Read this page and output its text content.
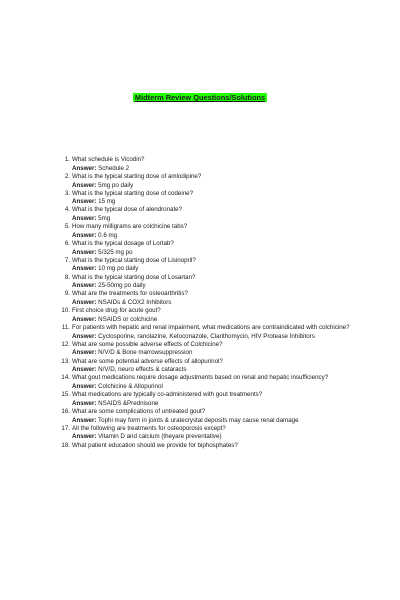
Midterm Review Questions/Solutions
1. What schedule is Vicodin?
Answer: Schedule 2
2. What is the typical starting dose of amlodipine?
Answer: 5mg po daily
3. What is the typical starting dose of codeine?
Answer: 15 mg
4. What is the typical dose of alendronate?
Answer: 5mg
5. How many milligrams are colchicine tabs?
Answer: 0.6 mg
6. What is the typical dosage of Lortab?
Answer: 5/325 mg po
7. What is the typical starting dose of Lisinopril?
Answer: 10 mg po daily
8. What is the typical starting dose of Losartan?
Answer: 25-50mg po daily
9. What are the treatments for osteoarthritis?
Answer: NSAIDs & COX2 Inhibitors
10. First choice drug for acute gout?
Answer: NSAIDS or colchicine
11. For patients with hepatic and renal impairment, what medications are contraindicated with colchicine?
Answer: Cyclosporine, ranolazine, Ketoconazole, Clarithomycin, HIV Protease Inhibitors
12. What are some possible adverse effects of Colchicine?
Answer: N/V/D & Bone marrowsuppression
13. What are some potential adverse effects of allopurinol?
Answer: N/V/D, neuro effects & cataracts
14. What gout medications require dosage adjustments based on renal and hepatic insufficiency?
Answer: Colchicine & Allopurinol
15. What medications are typically co-administered with gout treatments?
Answer: NSAIDS &Prednisone
16. What are some complications of untreated gout?
Answer: Tophi may form in joints & uratecrystal deposits may cause renal damage
17. All the following are treatments for osteoporosis except?
Answer: Vitamin D and calcium (theyare preventative)
18. What patient education should we provide for biphosphates?
